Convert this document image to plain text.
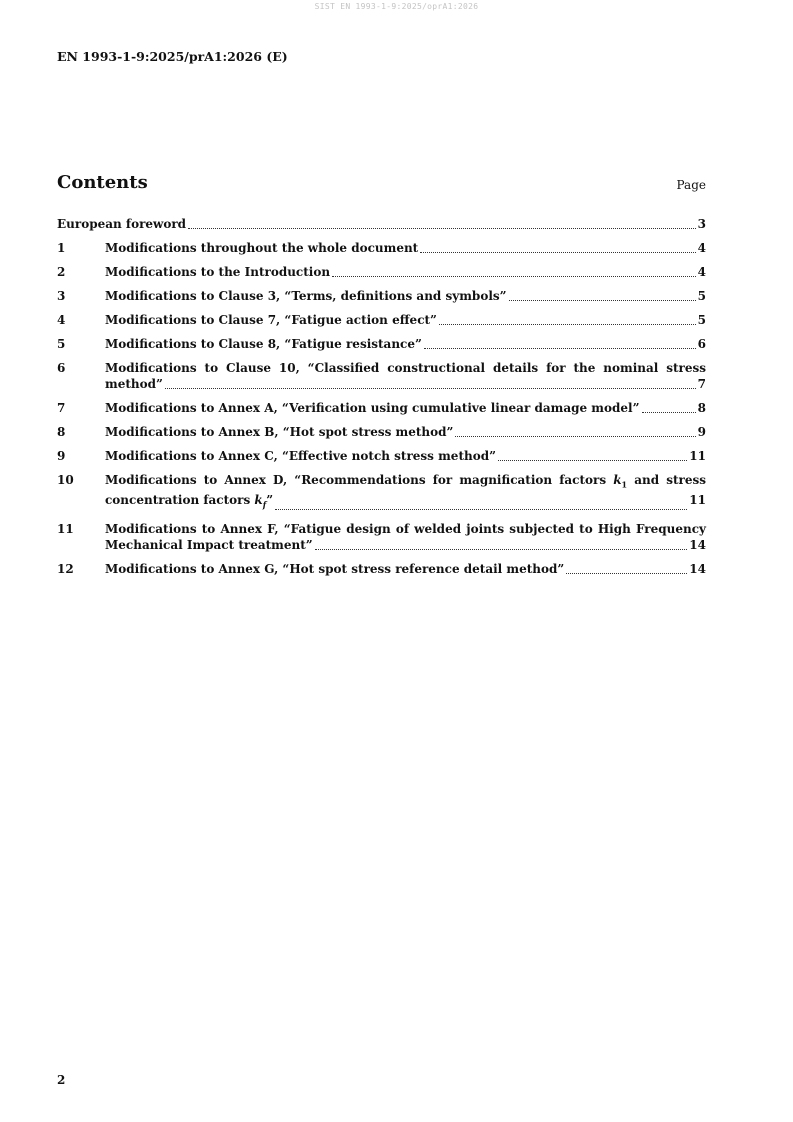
SIST EN 1993-1-9:2025/oprA1:2026
EN 1993-1-9:2025/prA1:2026 (E)
Contents	Page
European foreword	3
1	Modifications throughout the whole document	4
2	Modifications to the Introduction	4
3	Modifications to Clause 3, “Terms, definitions and symbols”	5
4	Modifications to Clause 7, “Fatigue action effect”	5
5	Modifications to Clause 8, “Fatigue resistance”	6
6	Modifications to Clause 10, “Classified constructional details for the nominal stress
method”	7
7	Modifications to Annex A, “Verification using cumulative linear damage model”	8
8	Modifications to Annex B, “Hot spot stress method”	9
9	Modifications to Annex C, “Effective notch stress method”	11
10	Modifications to Annex D, “Recommendations for magnification factors $k_1$ and stress
concentration factors $k_f$”	11
11	Modifications to Annex F, “Fatigue design of welded joints subjected to High Frequency
Mechanical Impact treatment”	14
12	Modifications to Annex G, “Hot spot stress reference detail method”	14
2
